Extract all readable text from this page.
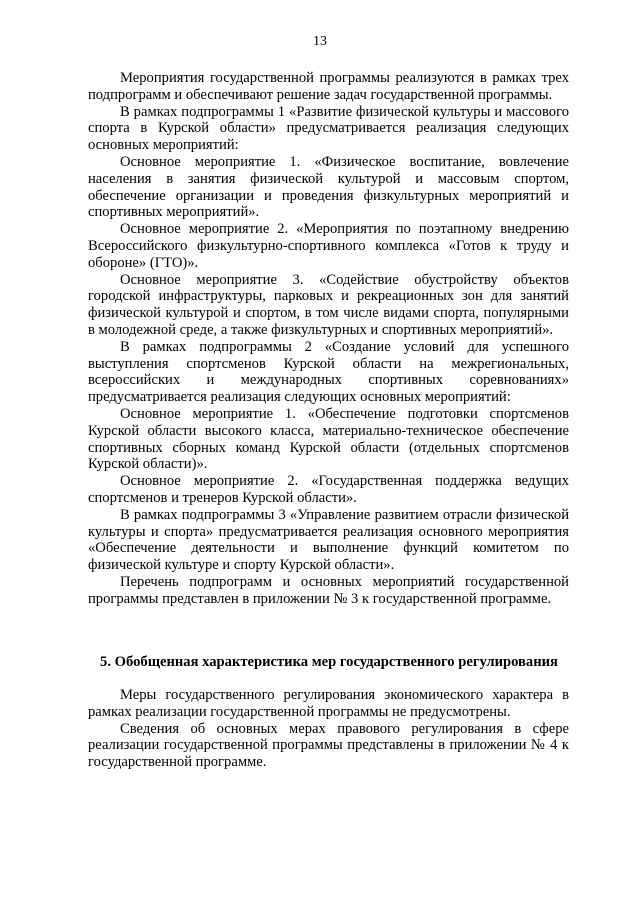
13

Мероприятия государственной программы реализуются в рамках трех подпрограмм и обеспечивают решение задач государственной программы.

В рамках подпрограммы 1 «Развитие физической культуры и массового спорта в Курской области» предусматривается реализация следующих основных мероприятий:

Основное мероприятие 1. «Физическое воспитание, вовлечение населения в занятия физической культурой и массовым спортом, обеспечение организации и проведения физкультурных мероприятий и спортивных мероприятий».

Основное мероприятие 2. «Мероприятия по поэтапному внедрению Всероссийского физкультурно-спортивного комплекса «Готов к труду и обороне» (ГТО)».

Основное мероприятие 3. «Содействие обустройству объектов городской инфраструктуры, парковых и рекреационных зон для занятий физической культурой и спортом, в том числе видами спорта, популярными в молодежной среде, а также физкультурных и спортивных мероприятий».

В рамках подпрограммы 2 «Создание условий для успешного выступления спортсменов Курской области на межрегиональных, всероссийских и международных спортивных соревнованиях» предусматривается реализация следующих основных мероприятий:

Основное мероприятие 1. «Обеспечение подготовки спортсменов Курской области высокого класса, материально-техническое обеспечение спортивных сборных команд Курской области (отдельных спортсменов Курской области)».

Основное мероприятие 2. «Государственная поддержка ведущих спортсменов и тренеров Курской области».

В рамках подпрограммы 3 «Управление развитием отрасли физической культуры и спорта» предусматривается реализация основного мероприятия «Обеспечение деятельности и выполнение функций комитетом по физической культуре и спорту Курской области».

Перечень подпрограмм и основных мероприятий государственной программы представлен в приложении № 3 к государственной программе.

5. Обобщенная характеристика мер государственного регулирования

Меры государственного регулирования экономического характера в рамках реализации государственной программы не предусмотрены.

Сведения об основных мерах правового регулирования в сфере реализации государственной программы представлены в приложении № 4 к государственной программе.
